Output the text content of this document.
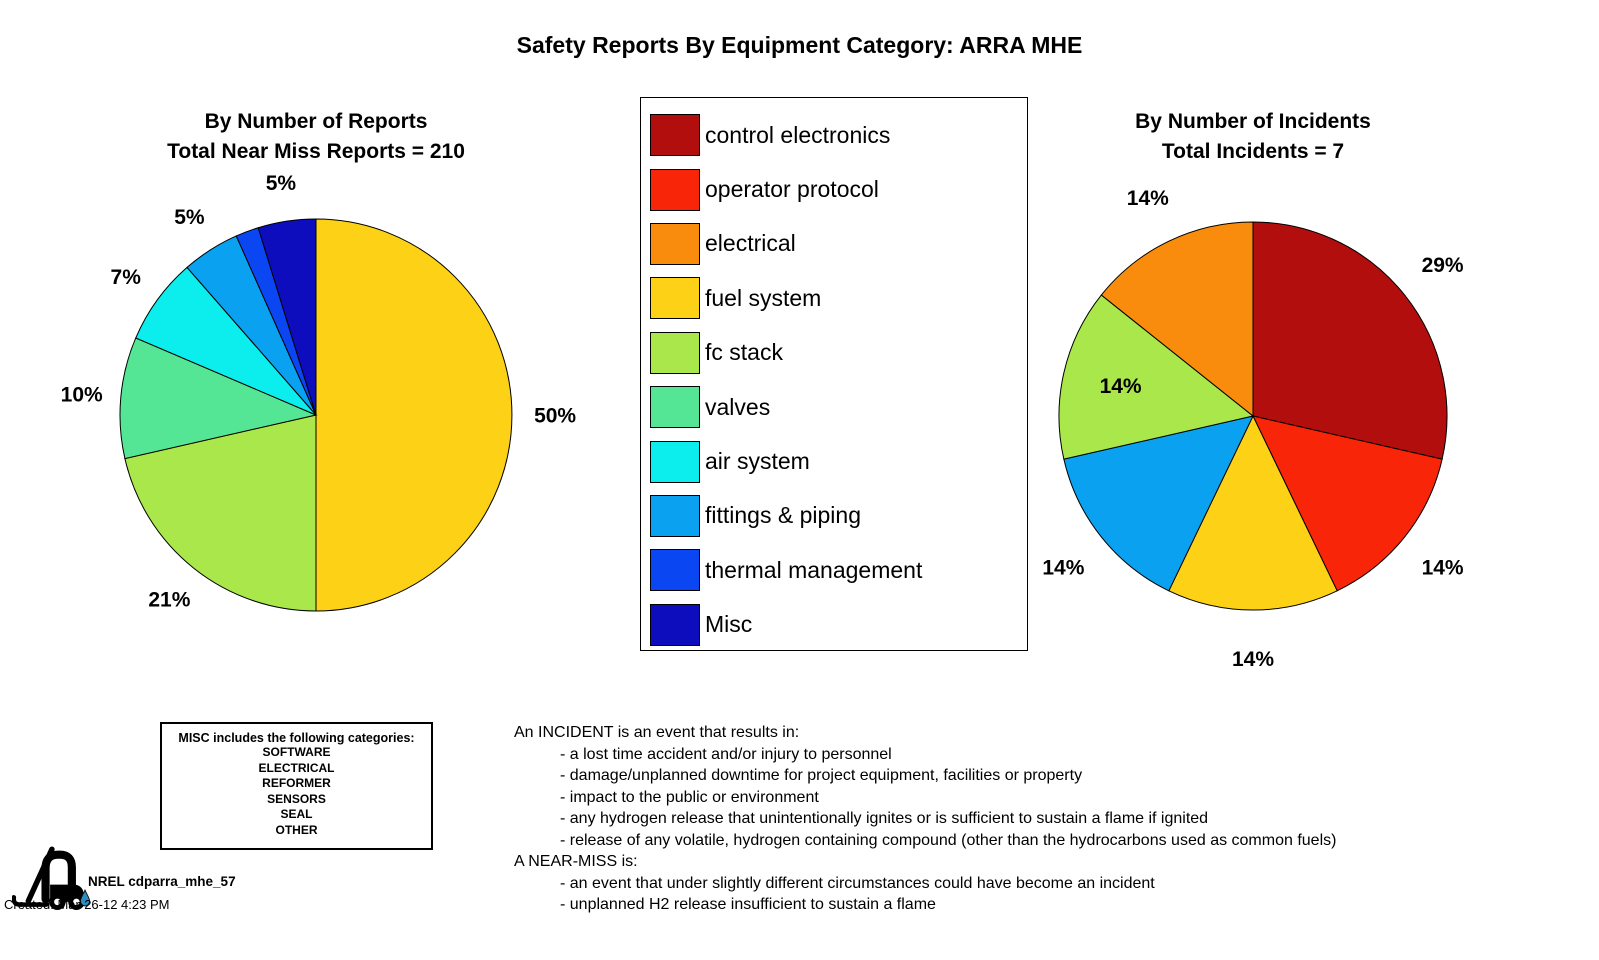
Safety Reports By Equipment Category: ARRA MHE
By Number of Reports
Total Near Miss Reports = 210
By Number of Incidents
Total Incidents = 7
50%
21%
10%
7%
5%
5%
29%
14%
14%
14%
14%
14%
control electronics
operator protocol
electrical
fuel system
fc stack
valves
air system
fittings & piping
thermal management
Misc
MISC includes the following categories:
SOFTWARE
ELECTRICAL
REFORMER
SENSORS
SEAL
OTHER
An INCIDENT is an event that results in:
- a lost time accident and/or injury to personnel
- damage/unplanned downtime for project equipment, facilities or property
- impact to the public or environment
- any hydrogen release that unintentionally ignites or is sufficient to sustain a flame if ignited
- release of any volatile, hydrogen containing compound (other than the hydrocarbons used as common fuels)
A NEAR-MISS is:
- an event that under slightly different circumstances could have become an incident
- unplanned H2 release insufficient to sustain a flame
NREL cdparra_mhe_57
Created: Mar-26-12 4:23 PM
